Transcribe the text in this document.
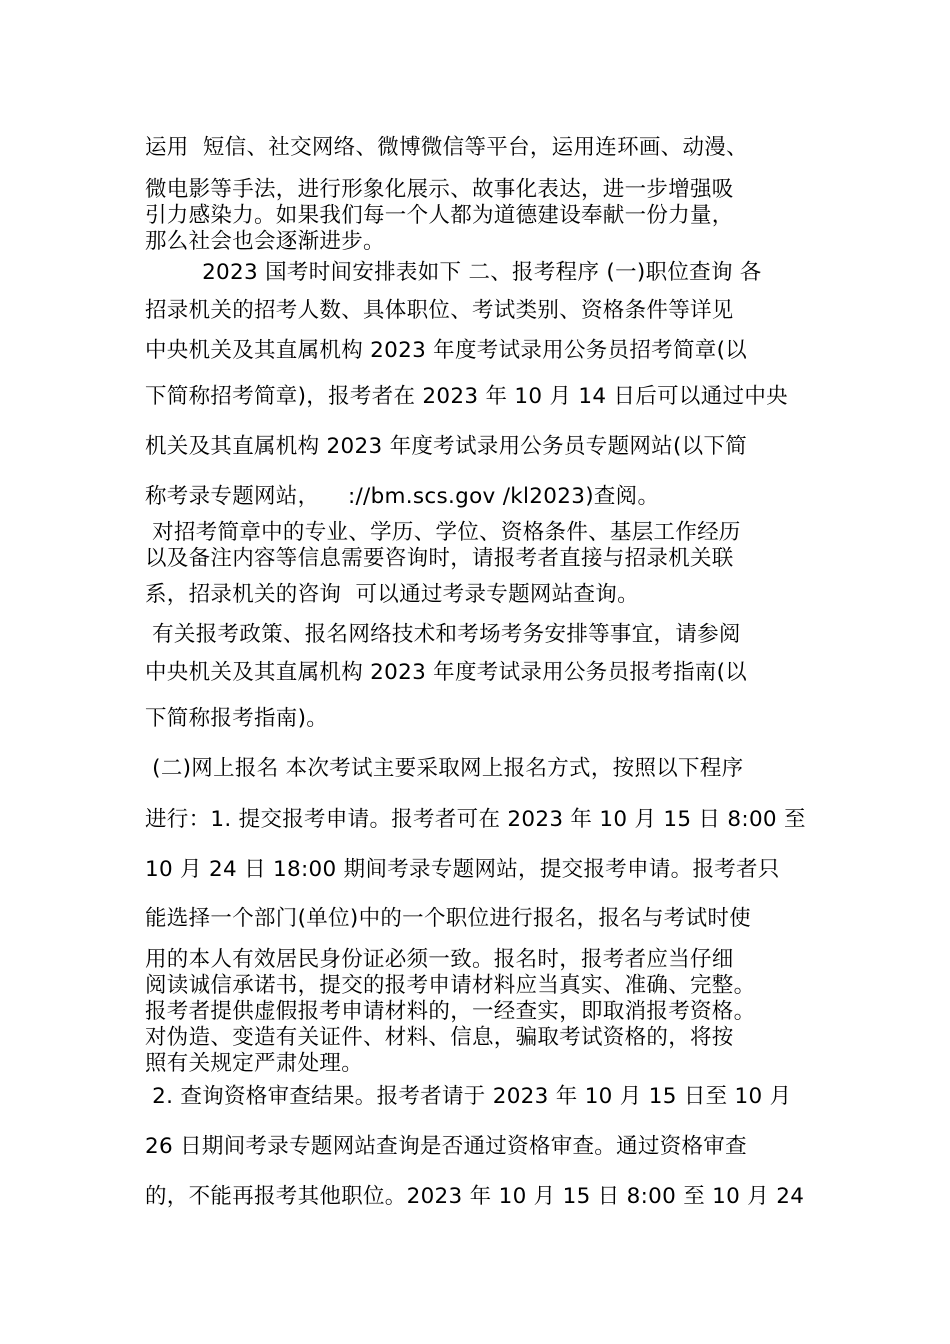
运用  短信、社交网络、微博微信等平台，运用连环画、动漫、
微电影等手法，进行形象化展示、故事化表达，进一步增强吸
引力感染力。如果我们每一个人都为道德建设奉献一份力量，
那么社会也会逐渐进步。
2023 国考时间安排表如下 二、报考程序 (一)职位查询 各
招录机关的招考人数、具体职位、考试类别、资格条件等详见
中央机关及其直属机构 2023 年度考试录用公务员招考简章(以
下简称招考简章)，报考者在 2023 年 10 月 14 日后可以通过中央
机关及其直属机构 2023 年度考试录用公务员专题网站(以下简
称考录专题网站，    ://bm.scs.gov /kl2023)查阅。
对招考简章中的专业、学历、学位、资格条件、基层工作经历
以及备注内容等信息需要咨询时，请报考者直接与招录机关联
系，招录机关的咨询  可以通过考录专题网站查询。
有关报考政策、报名网络技术和考场考务安排等事宜，请参阅
中央机关及其直属机构 2023 年度考试录用公务员报考指南(以
下简称报考指南)。
(二)网上报名 本次考试主要采取网上报名方式，按照以下程序
进行：1. 提交报考申请。报考者可在 2023 年 10 月 15 日 8:00 至
10 月 24 日 18:00 期间考录专题网站，提交报考申请。报考者只
能选择一个部门(单位)中的一个职位进行报名，报名与考试时使
用的本人有效居民身份证必须一致。报名时，报考者应当仔细
阅读诚信承诺书，提交的报考申请材料应当真实、准确、完整。
报考者提供虚假报考申请材料的，一经查实，即取消报考资格。
对伪造、变造有关证件、材料、信息，骗取考试资格的，将按
照有关规定严肃处理。
2. 查询资格审查结果。报考者请于 2023 年 10 月 15 日至 10 月
26 日期间考录专题网站查询是否通过资格审查。通过资格审查
的，不能再报考其他职位。2023 年 10 月 15 日 8:00 至 10 月 24
